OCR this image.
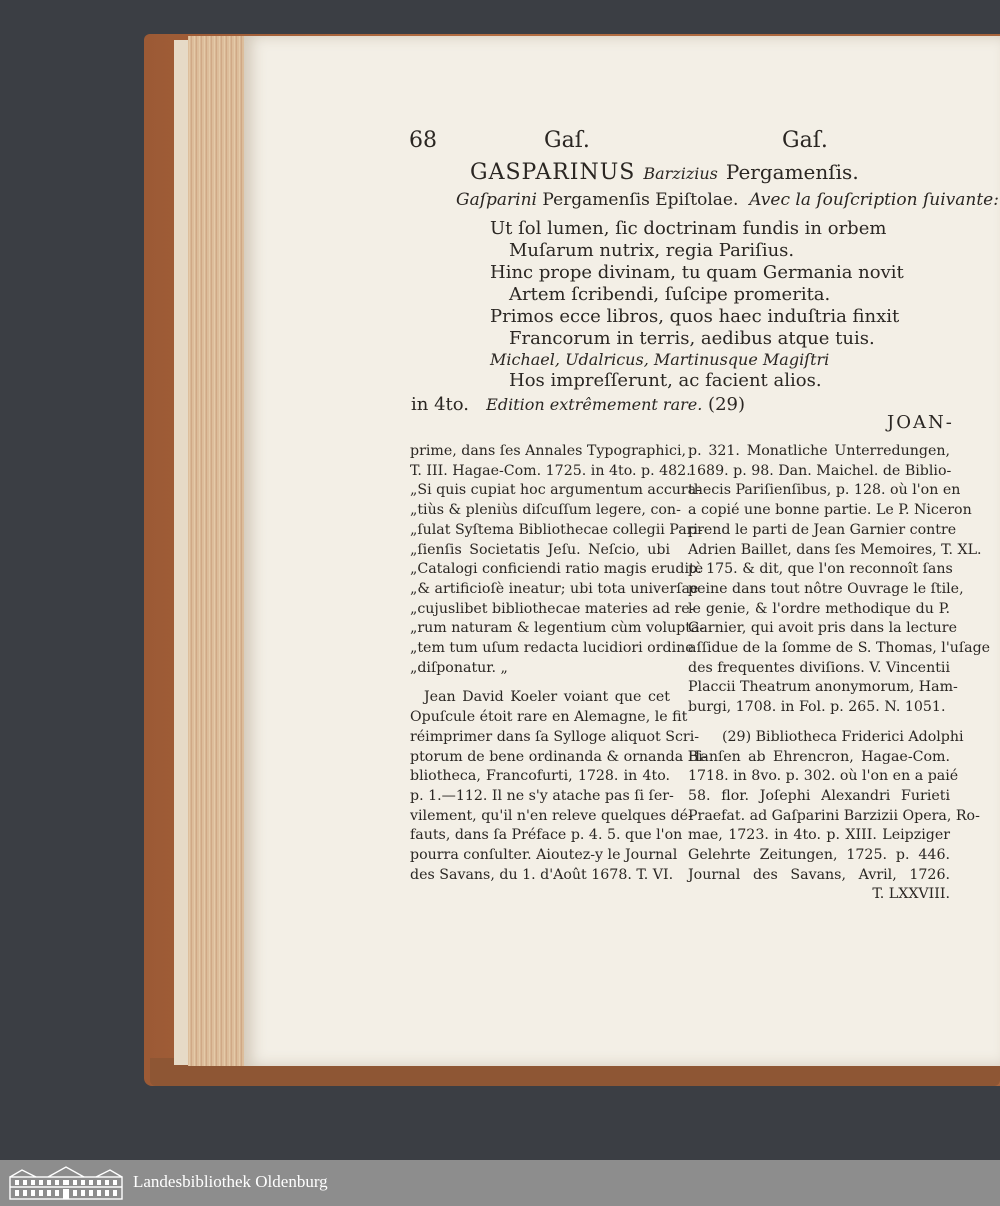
68	Gaſ.	Gaſ.
GASPARINUS Barzizius Pergamenſis.
Gaſparini Pergamenſis Epiſtolae. Avec la ſouſcription ſuivante:
Ut ſol lumen, ſic doctrinam fundis in orbem
Muſarum nutrix, regia Pariſius.
Hinc prope divinam, tu quam Germania novit
Artem ſcribendi, ſuſcipe promerita.
Primos ecce libros, quos haec induſtria finxit
Francorum in terris, aedibus atque tuis.
Michael, Udalricus, Martinusque Magiſtri
Hos impreſſerunt, ac facient alios.
in 4to. Edition extrêmement rare. (29)
JOAN-
prime, dans ſes Annales Typographici,
T. III. Hagae-Com. 1725. in 4to. p. 482.
„Si quis cupiat hoc argumentum accura-
„tiùs & pleniùs diſcuſſum legere, con-
„ſulat Syſtema Bibliothecae collegii Pari-
„ſienſis Societatis Jeſu. Neſcio, ubi
„Catalogi conficiendi ratio magis eruditè
„& artificioſè ineatur; ubi tota univerſae
„cujuslibet bibliothecae materies ad re-
„rum naturam & legentium cùm volupta-
„tem tum uſum redacta lucidiori ordine
„diſponatur. „
Jean David Koeler voiant que cet
Opuſcule étoit rare en Alemagne, le fit
réimprimer dans ſa Sylloge aliquot Scri-
ptorum de bene ordinanda & ornanda Bi-
bliotheca, Francofurti, 1728. in 4to.
p. 1.—112. Il ne s'y atache pas ſi ſer-
vilement, qu'il n'en releve quelques dé-
fauts, dans ſa Préface p. 4. 5. que l'on
pourra conſulter. Aioutez-y le Journal
des Savans, du 1. d'Août 1678. T. VI.
p. 321. Monatliche Unterredungen,
1689. p. 98. Dan. Maichel. de Biblio-
thecis Pariſienſibus, p. 128. où l'on en
a copié une bonne partie. Le P. Niceron
prend le parti de Jean Garnier contre
Adrien Baillet, dans ſes Memoires, T. XL.
p. 175. & dit, que l'on reconnoît ſans
peine dans tout nôtre Ouvrage le ſtile,
le genie, & l'ordre methodique du P.
Garnier, qui avoit pris dans la lecture
aſſidue de la ſomme de S. Thomas, l'uſage
des frequentes diviſions. V. Vincentii
Placcii Theatrum anonymorum, Ham-
burgi, 1708. in Fol. p. 265. N. 1051.
(29) Bibliotheca Friderici Adolphi
Hanſen ab Ehrencron, Hagae-Com.
1718. in 8vo. p. 302. où l'on en a paié
58. flor. Joſephi Alexandri Furieti
Praefat. ad Gaſparini Barzizii Opera, Ro-
mae, 1723. in 4to. p. XIII. Leipziger
Gelehrte Zeitungen, 1725. p. 446.
Journal des Savans, Avril, 1726.
T. LXXVIII.
Landesbibliothek Oldenburg
